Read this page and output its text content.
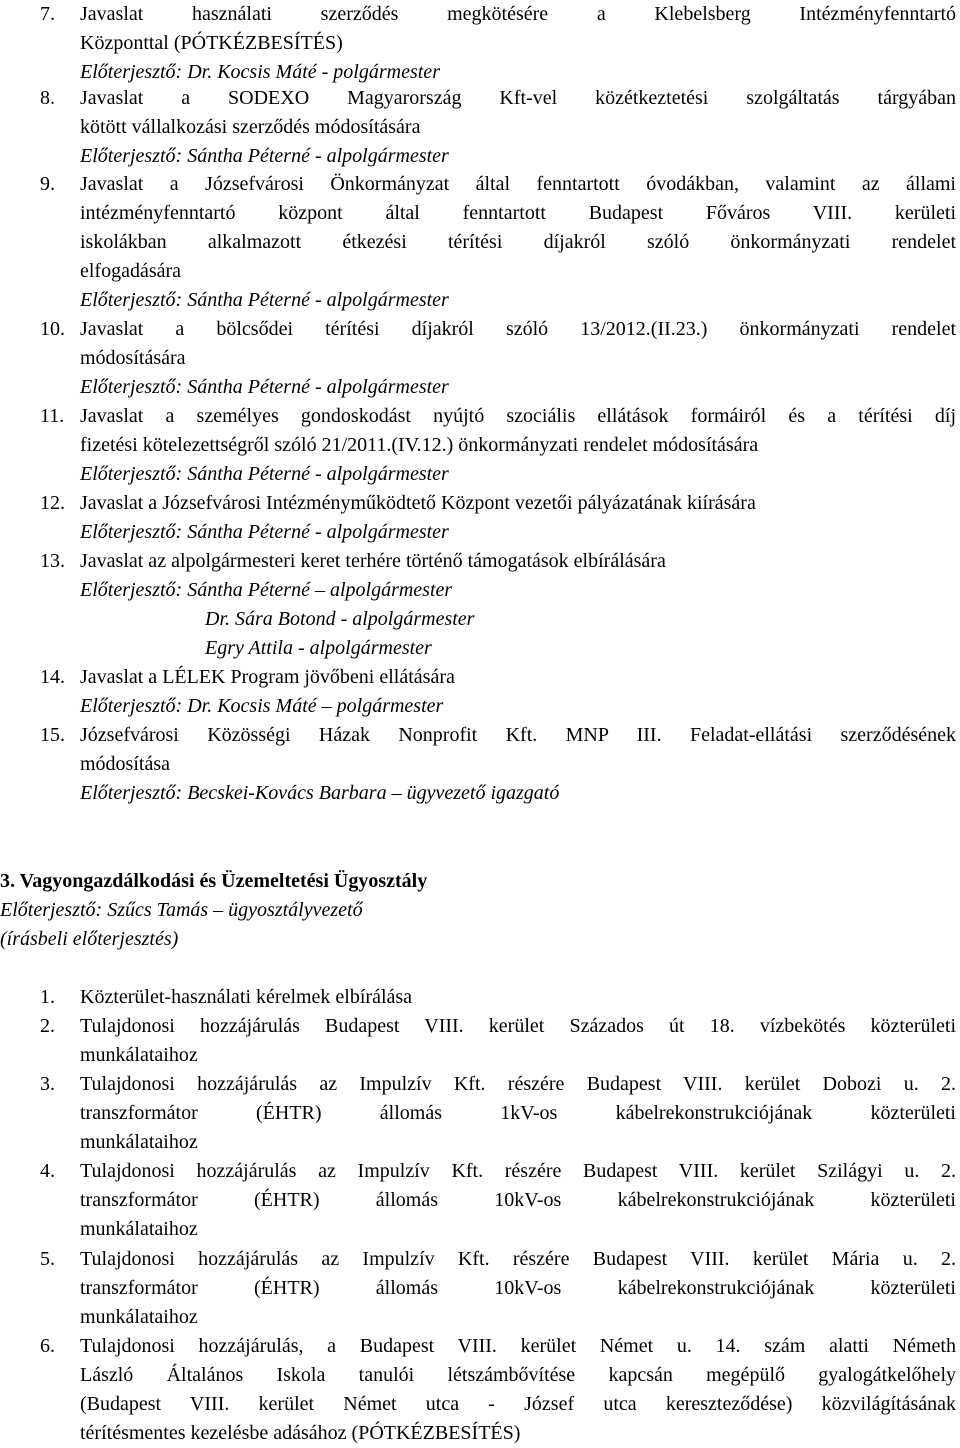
7. Javaslat használati szerződés megkötésére a Klebelsberg Intézményfenntartó
Központtal (PÓTKÉZBESÍTÉS)
Előterjesztő: Dr. Kocsis Máté - polgármester
8. Javaslat a SODEXO Magyarország Kft-vel közétkeztetési szolgáltatás tárgyában
kötött vállalkozási szerződés módosítására
Előterjesztő: Sántha Péterné - alpolgármester
9. Javaslat a Józsefvárosi Önkormányzat által fenntartott óvodákban, valamint az állami
intézményfenntartó központ által fenntartott Budapest Főváros VIII. kerületi
iskolákban alkalmazott étkezési térítési díjakról szóló önkormányzati rendelet
elfogadására
Előterjesztő: Sántha Péterné - alpolgármester
10. Javaslat a bölcsődei térítési díjakról szóló 13/2012.(II.23.) önkormányzati rendelet
módosítására
Előterjesztő: Sántha Péterné - alpolgármester
11. Javaslat a személyes gondoskodást nyújtó szociális ellátások formáiról és a térítési díj
fizetési kötelezettségről szóló 21/2011.(IV.12.) önkormányzati rendelet módosítására
Előterjesztő: Sántha Péterné - alpolgármester
12. Javaslat a Józsefvárosi Intézményműködtető Központ vezetői pályázatának kiírására
Előterjesztő: Sántha Péterné - alpolgármester
13. Javaslat az alpolgármesteri keret terhére történő támogatások elbírálására
Előterjesztő: Sántha Péterné – alpolgármester
Dr. Sára Botond - alpolgármester
Egry Attila - alpolgármester
14. Javaslat a LÉLEK Program jövőbeni ellátására
Előterjesztő: Dr. Kocsis Máté – polgármester
15. Józsefvárosi Közösségi Házak Nonprofit Kft. MNP III. Feladat-ellátási szerződésének
módosítása
Előterjesztő: Becskei-Kovács Barbara – ügyvezető igazgató
3. Vagyongazdálkodási és Üzemeltetési Ügyosztály
Előterjesztő: Szűcs Tamás – ügyosztályvezető
(írásbeli előterjesztés)
1. Közterület-használati kérelmek elbírálása
2. Tulajdonosi hozzájárulás Budapest VIII. kerület Százados út 18. vízbekötés közterületi
munkálataihoz
3. Tulajdonosi hozzájárulás az Impulzív Kft. részére Budapest VIII. kerület Dobozi u. 2.
transzformátor (ÉHTR) állomás 1kV-os kábelrekonstrukciójának közterületi
munkálataihoz
4. Tulajdonosi hozzájárulás az Impulzív Kft. részére Budapest VIII. kerület Szilágyi u. 2.
transzformátor (ÉHTR) állomás 10kV-os kábelrekonstrukciójának közterületi
munkálataihoz
5. Tulajdonosi hozzájárulás az Impulzív Kft. részére Budapest VIII. kerület Mária u. 2.
transzformátor (ÉHTR) állomás 10kV-os kábelrekonstrukciójának közterületi
munkálataihoz
6. Tulajdonosi hozzájárulás, a Budapest VIII. kerület Német u. 14. szám alatti Németh
László Általános Iskola tanulói létszámbővítése kapcsán megépülő gyalogátkelőhely
(Budapest VIII. kerület Német utca - József utca kereszteződése) közvilágításának
térítésmentes kezelésbe adásához (PÓTKÉZBESÍTÉS)
